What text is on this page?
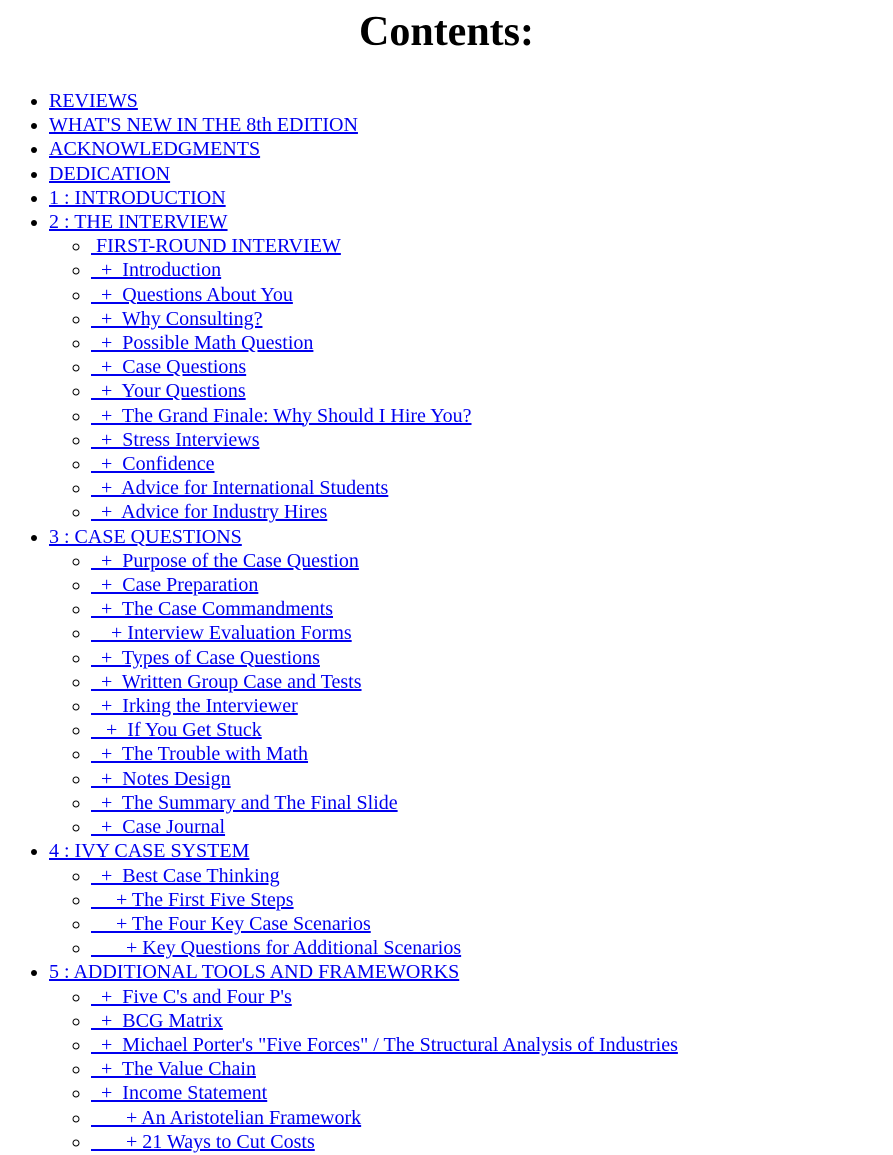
Contents:
• REVIEWS
• WHAT'S NEW IN THE 8th EDITION
• ACKNOWLEDGMENTS
• DEDICATION
• 1 : INTRODUCTION
• 2 : THE INTERVIEW
◦  FIRST-ROUND INTERVIEW
◦   +  Introduction
◦   +  Questions About You
◦   +  Why Consulting?
◦   +  Possible Math Question
◦   +  Case Questions
◦   +  Your Questions
◦   +  The Grand Finale: Why Should I Hire You?
◦   +  Stress Interviews
◦   +  Confidence
◦   +  Advice for International Students
◦   +  Advice for Industry Hires
• 3 : CASE QUESTIONS
◦   +  Purpose of the Case Question
◦   +  Case Preparation
◦   +  The Case Commandments
◦     + Interview Evaluation Forms
◦   +  Types of Case Questions
◦   +  Written Group Case and Tests
◦   +  Irking the Interviewer
◦    +  If You Get Stuck
◦   +  The Trouble with Math
◦   +  Notes Design
◦   +  The Summary and The Final Slide
◦   +  Case Journal
• 4 : IVY CASE SYSTEM
◦   +  Best Case Thinking
◦      + The First Five Steps
◦      + The Four Key Case Scenarios
◦        + Key Questions for Additional Scenarios
• 5 : ADDITIONAL TOOLS AND FRAMEWORKS
◦   +  Five C's and Four P's
◦   +  BCG Matrix
◦   +  Michael Porter's "Five Forces" / The Structural Analysis of Industries
◦   +  The Value Chain
◦   +  Income Statement
◦        + An Aristotelian Framework
◦        + 21 Ways to Cut Costs
